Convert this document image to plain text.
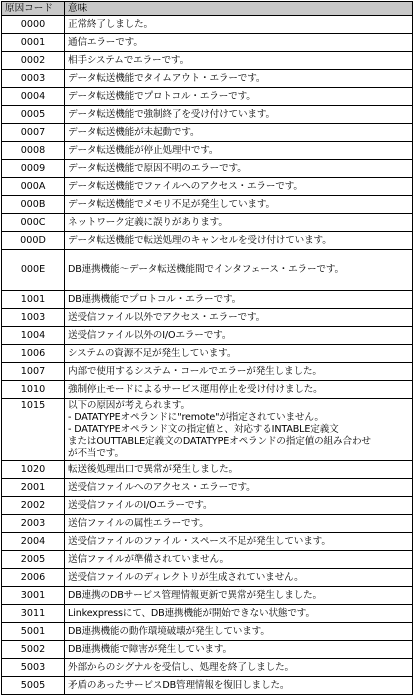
原因コード	意味
0000	正常終了しました。
0001	通信エラーです。
0002	相手システムでエラーです。
0003	データ転送機能でタイムアウト・エラーです。
0004	データ転送機能でプロトコル・エラーです。
0005	データ転送機能で強制終了を受け付けています。
0007	データ転送機能が未起動です。
0008	データ転送機能が停止処理中です。
0009	データ転送機能で原因不明のエラーです。
000A	データ転送機能でファイルへのアクセス・エラーです。
000B	データ転送機能でメモリ不足が発生しています。
000C	ネットワーク定義に誤りがあります。
000D	データ転送機能で転送処理のキャンセルを受け付けています。
000E	DB連携機能～データ転送機能間でインタフェース・エラーです。
1001	DB連携機能でプロトコル・エラーです。
1003	送受信ファイル以外でアクセス・エラーです。
1004	送受信ファイル以外のI/Oエラーです。
1006	システムの資源不足が発生しています。
1007	内部で使用するシステム・コールでエラーが発生しました。
1010	強制停止モードによるサービス運用停止を受け付けました。
1015	以下の原因が考えられます。
- DATATYPEオペランドに"remote"が指定されていません。
- DATATYPEオペランド文の指定値と、対応するINTABLE定義文
またはOUTTABLE定義文のDATATYPEオペランドの指定値の組み合わせ
が不当です。

1020	転送後処理出口で異常が発生しました。
2001	送受信ファイルへのアクセス・エラーです。
2002	送受信ファイルのI/Oエラーです。
2003	送信ファイルの属性エラーです。
2004	送受信ファイルのファイル・スペース不足が発生しています。
2005	送信ファイルが準備されていません。
2006	送受信ファイルのディレクトリが生成されていません。
3001	DB連携のDBサービス管理情報更新で異常が発生しました。
3011	Linkexpressにて、DB連携機能が開始できない状態です。
5001	DB連携機能の動作環境破壊が発生しています。
5002	DB連携機能で障害が発生しています。
5003	外部からのシグナルを受信し、処理を終了しました。
5005	矛盾のあったサービスDB管理情報を復旧しました。
